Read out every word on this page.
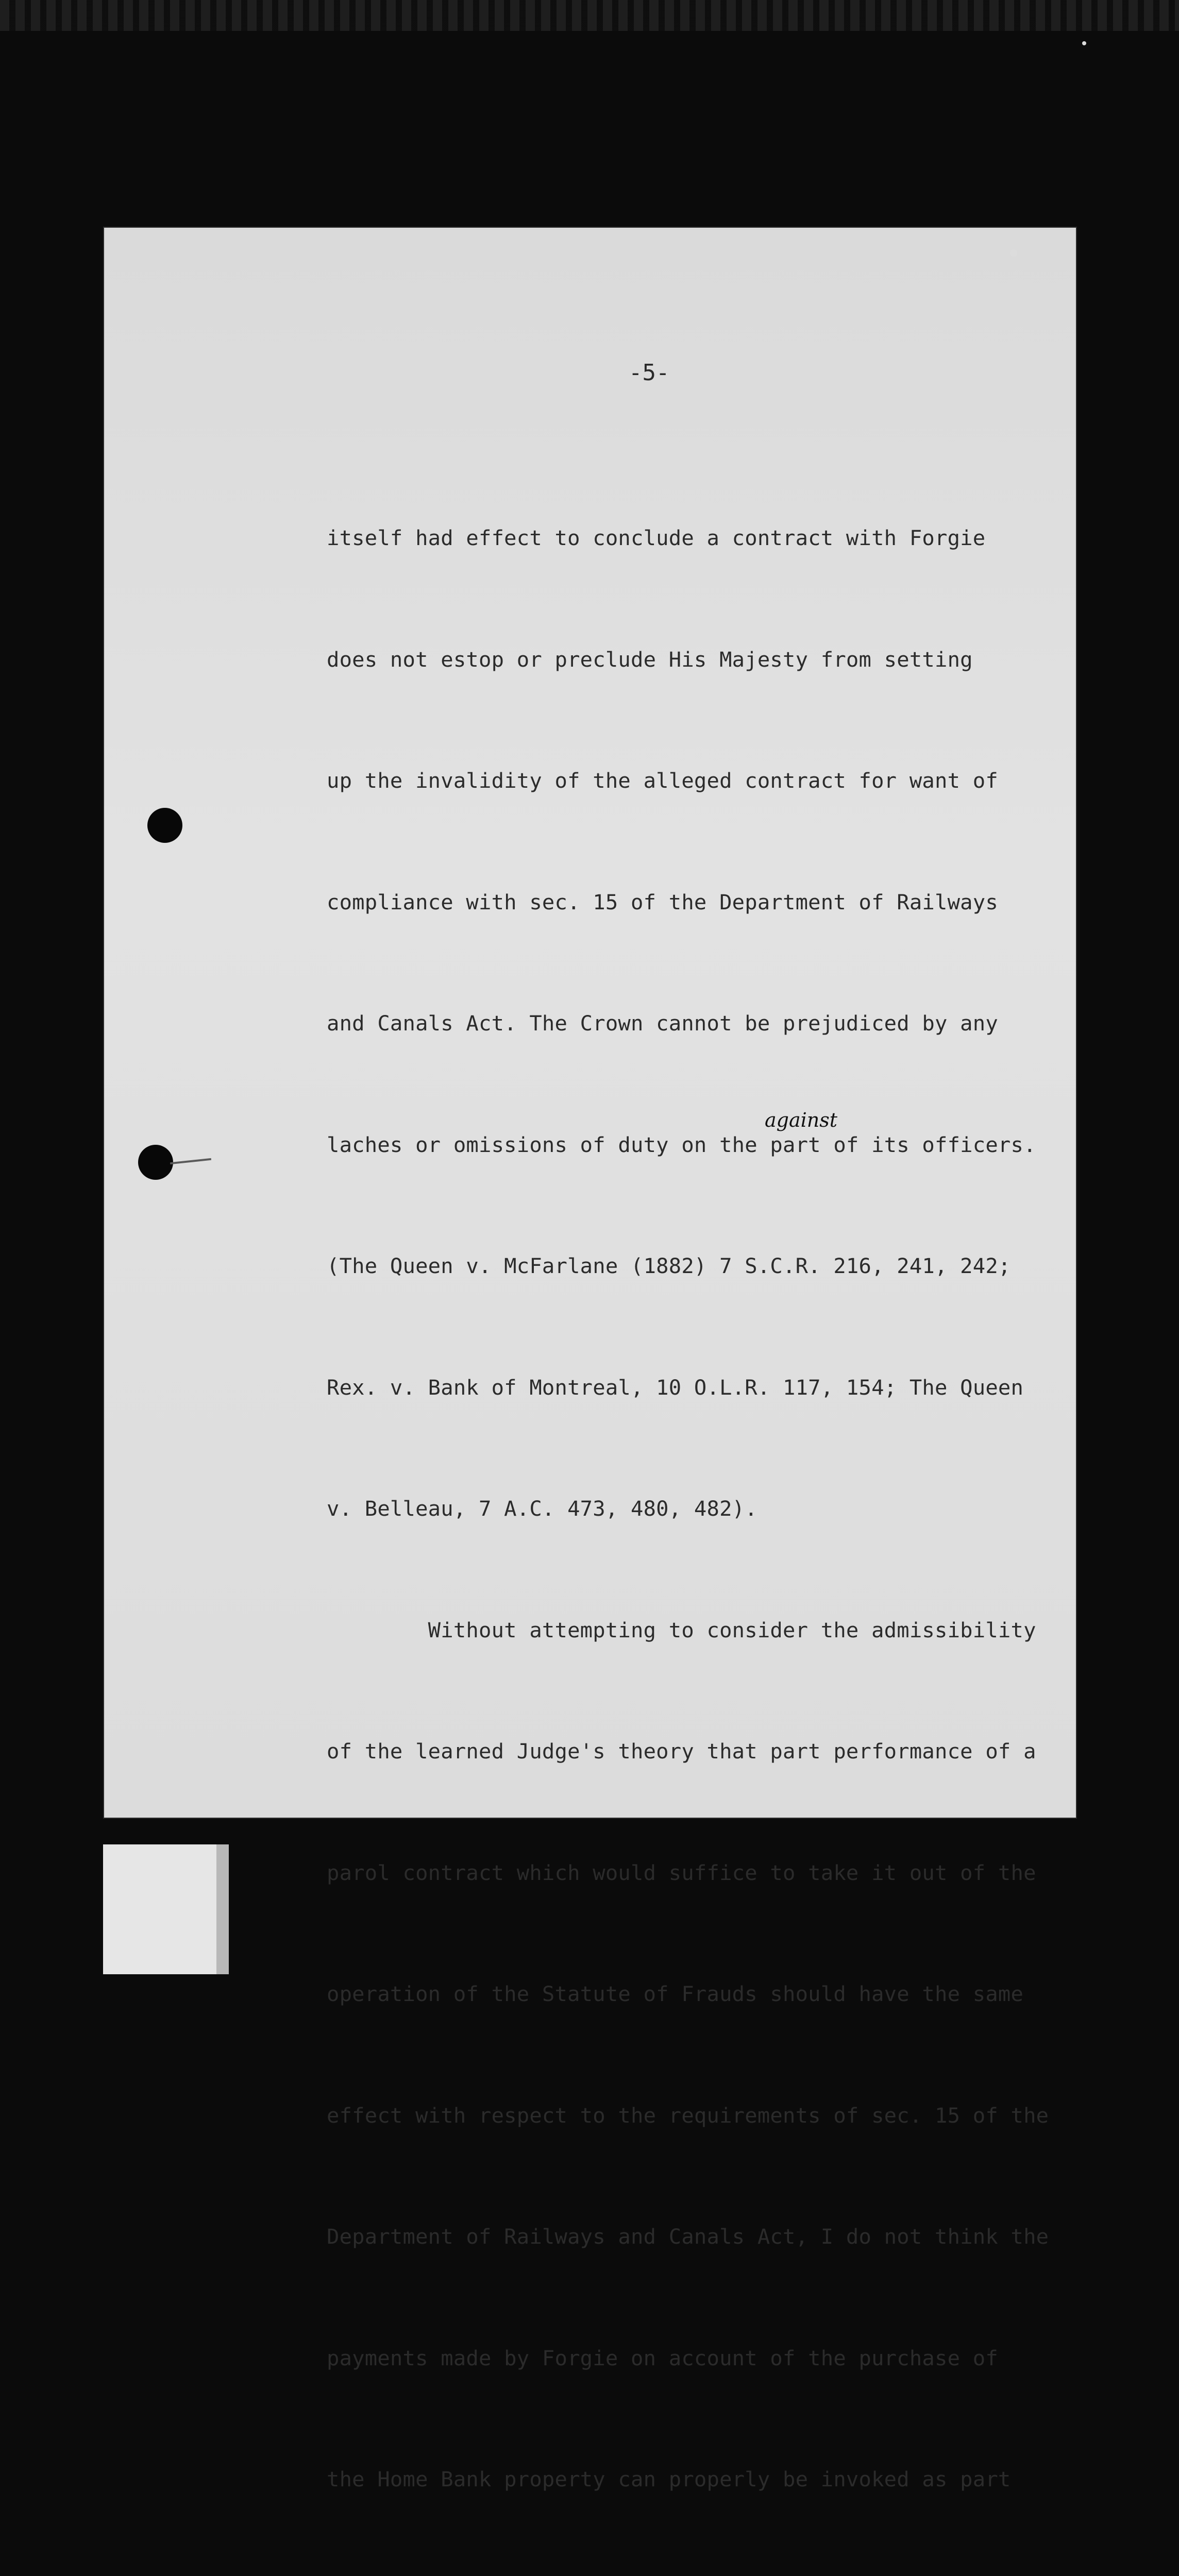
-5-

itself had effect to conclude a contract with Forgie

does not estop or preclude His Majesty from setting

up the invalidity of the alleged contract for want of

compliance with sec. 15 of the Department of Railways

and Canals Act. The Crown cannot be prejudiced by any

laches or omissions of duty on the part of its officers.

(The Queen v. McFarlane (1882) 7 S.C.R. 216, 241, 242;

Rex. v. Bank of Montreal, 10 O.L.R. 117, 154; The Queen

v. Belleau, 7 A.C. 473, 480, 482).

Without attempting to consider the admissibility

of the learned Judge's theory that part performance of a

parol contract which would suffice to take it out of the

operation of the Statute of Frauds should have the same

effect with respect to the requirements of sec. 15 of the

Department of Railways and Canals Act, I do not think the

payments made by Forgie on account of the purchase of

the Home Bank property can properly be invoked as part

against
